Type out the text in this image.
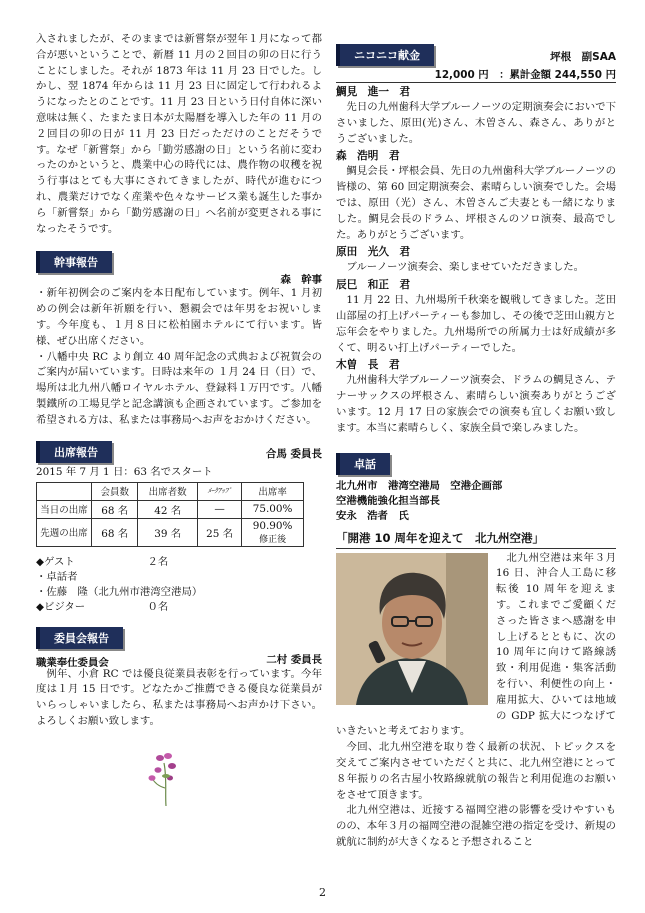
入されましたが、そのままでは新嘗祭が翌年１月になって都合が悪いということで、新暦 11 月の２回目の卯の日に行うことにしました。それが 1873 年は 11 月 23 日でした。しかし、翌 1874 年からは 11 月 23 日に固定して行われるようになったとのことです。11 月 23 日という日付自体に深い意味は無く、たまたま日本が太陽暦を導入した年の 11 月の２回目の卯の日が 11 月 23 日だっただけのことだそうです。なぜ「新嘗祭」から「勤労感謝の日」という名前に変わったのかというと、農業中心の時代には、農作物の収穫を祝う行事はとても大事にされてきましたが、時代が進むにつれ、農業だけでなく産業や色々なサービス業も誕生した事から「新嘗祭」から「勤労感謝の日」へ名前が変更される事になったそうです。

幹事報告
森　幹事

・新年初例会のご案内を本日配布しています。例年、1 月初めの例会は新年祈願を行い、懇親会では年男をお祝いします。今年度も、１月８日に松柏園ホテルにて行います。皆様、ぜひ出席ください。

・八幡中央 RC より創立 40 周年記念の式典および祝賀会のご案内が届いています。日時は来年の １月 24 日（日）で、場所は北九州八幡ロイヤルホテル、登録料１万円です。八幡製鐵所の工場見学と記念講演も企画されています。ご参加を希望される方は、私または事務局へお声をおかけください。

出席報告	合馬 委員長
2015 年 7 月 1 日：63 名でスタート
	会員数	出席者数	ﾒｰｸｱｯﾌﾟ	出席率
当日の出席	68 名	42 名	—	75.00%
先週の出席	68 名	39 名	25 名	90.90%
修正後
◆ゲスト　　　　　　　２名
・卓話者
・佐藤　隆（北九州市港湾空港局）
◆ビジター　　　　　　０名
委員会報告
職業奉仕委員会	二村 委員長

例年、小倉 RC では優良従業員表彰を行っています。今年度は１月 15 日です。どなたかご推薦できる優良な従業員がいらっしゃいましたら、私または事務局へお声かけ下さい。よろしくお願い致します。

ニコニコ献金	坪根　副SAA
12,000 円　：累計金額 244,550 円
鯛見　進一　君

先日の九州歯科大学ブルーノーツの定期演奏会においで下さいました、原田(光)さん、木曽さん、森さん、ありがとうございました。

森　浩明　君

鯛見会長・坪根会員、先日の九州歯科大学ブルーノーツの皆様の、第 60 回定期演奏会、素晴らしい演奏でした。会場では、原田（光）さん、木曽さんご夫妻とも一緒になりました。鯛見会長のドラム、坪根さんのソロ演奏、最高でした。ありがとうございます。

原田　光久　君

ブルーノーツ演奏会、楽しませていただきました。

辰巳　和正　君

11 月 22 日、九州場所千秋楽を観戦してきました。芝田山部屋の打上げパーティーも参加し、その後で芝田山親方と忘年会をやりました。九州場所での所属力士は好成績が多くて、明るい打上げパーティーでした。

木曽　長　君

九州歯科大学ブルーノーツ演奏会、ドラムの鯛見さん、テナーサックスの坪根さん、素晴らしい演奏ありがとうございます。12 月 17 日の家族会での演奏も宜しくお願い致します。本当に素晴らしく、家族全員で楽しみました。

卓話
北九州市　港湾空港局　空港企画部
空港機能強化担当部長
安永　浩者　氏
「開港 10 周年を迎えて　北九州空港」

北九州空港は来年３月 16 日、沖合人工島に移転後 10 周年を迎えます。これまでご愛顧くださった皆さまへ感謝を申し上げるとともに、次の 10 周年に向けて路線誘致・利用促進・集客活動を行い、利便性の向上・雇用拡大、ひいては地域の GDP 拡大につなげていきたいと考えております。

今回、北九州空港を取り巻く最新の状況、トピックスを交えてご案内させていただくと共に、北九州空港にとって８年振りの名古屋小牧路線就航の報告と利用促進のお願いをさせて頂きます。

北九州空港は、近接する福岡空港の影響を受けやすいものの、本年３月の福岡空港の混雑空港の指定を受け、新規の就航に制約が大きくなると予想されること

2
